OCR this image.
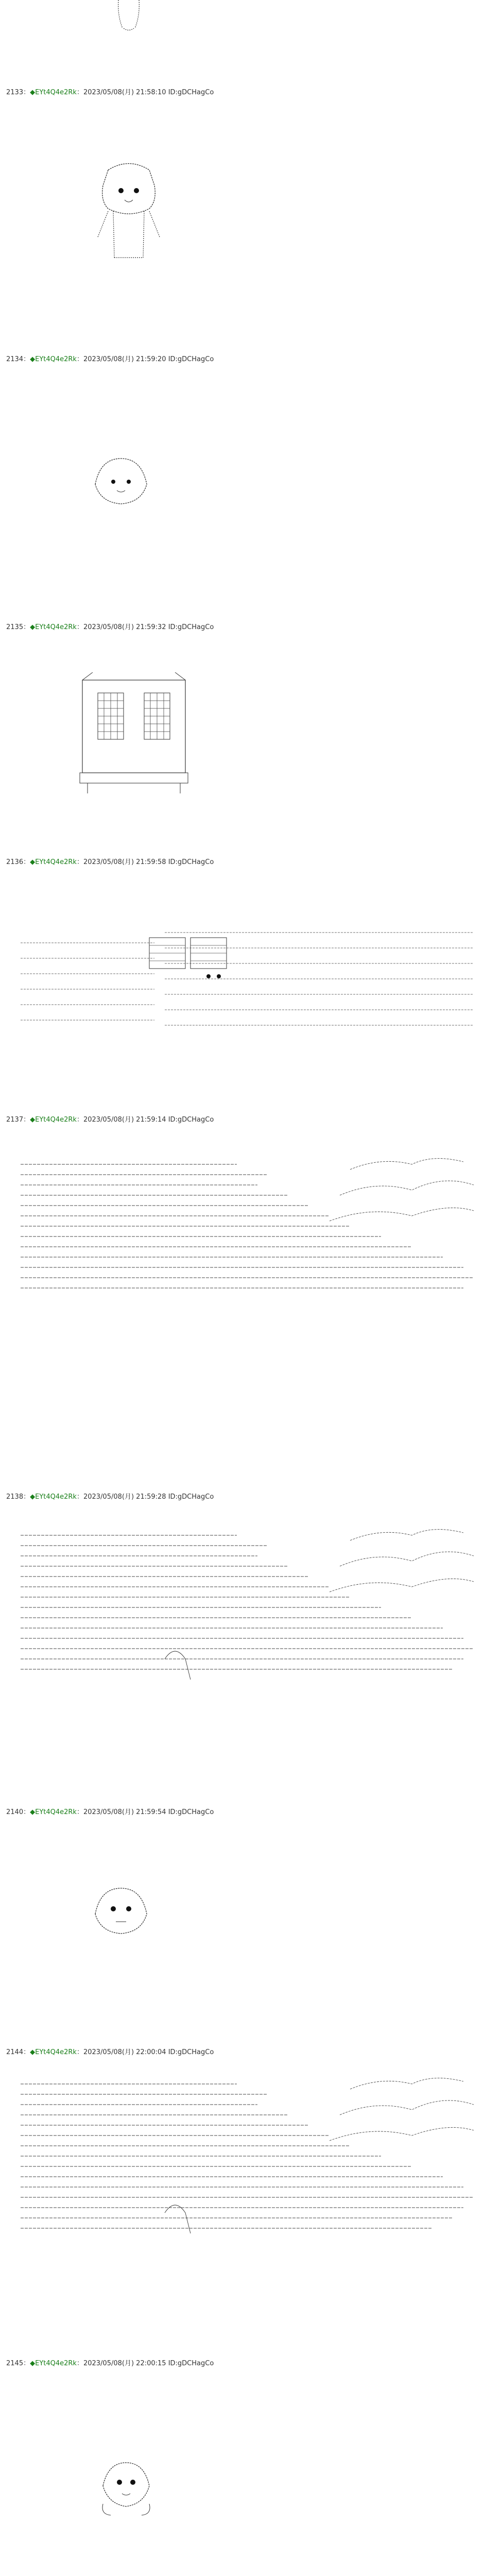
2133：◆EYt4Q4e2Rk：2023/05/08(月) 21:58:10 ID:gDCHagCo
2134：◆EYt4Q4e2Rk：2023/05/08(月) 21:59:20 ID:gDCHagCo
2135：◆EYt4Q4e2Rk：2023/05/08(月) 21:59:32 ID:gDCHagCo
2136：◆EYt4Q4e2Rk：2023/05/08(月) 21:59:58 ID:gDCHagCo
2137：◆EYt4Q4e2Rk：2023/05/08(月) 21:59:14 ID:gDCHagCo
2138：◆EYt4Q4e2Rk：2023/05/08(月) 21:59:28 ID:gDCHagCo
2140：◆EYt4Q4e2Rk：2023/05/08(月) 21:59:54 ID:gDCHagCo
2144：◆EYt4Q4e2Rk：2023/05/08(月) 22:00:04 ID:gDCHagCo
2145：◆EYt4Q4e2Rk：2023/05/08(月) 22:00:15 ID:gDCHagCo
